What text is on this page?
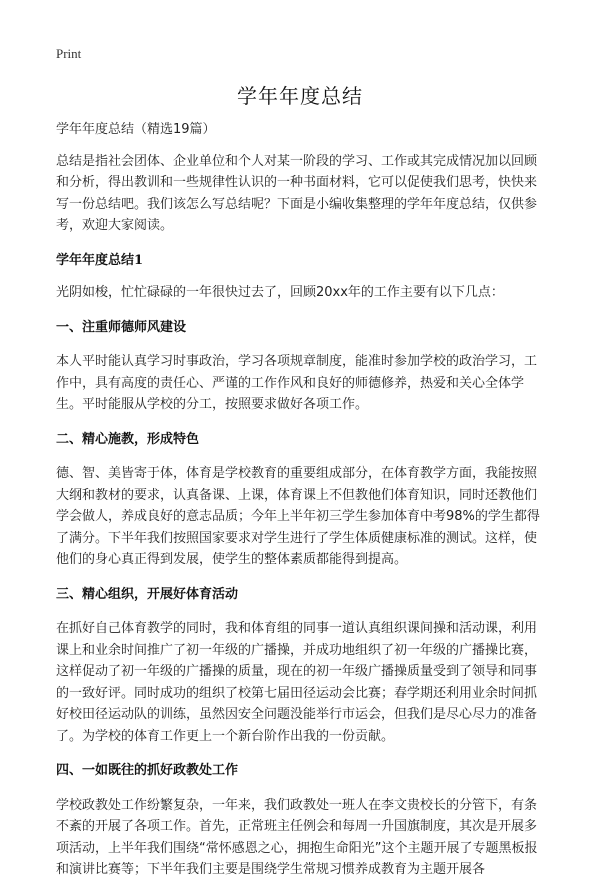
Print
学年年度总结

学年年度总结（精选19篇）

总结是指社会团体、企业单位和个人对某一阶段的学习、工作或其完成情况加以回顾和分析，得出教训和一些规律性认识的一种书面材料，它可以促使我们思考，快快来写一份总结吧。我们该怎么写总结呢？下面是小编收集整理的学年年度总结，仅供参考，欢迎大家阅读。

学年年度总结1

光阴如梭，忙忙碌碌的一年很快过去了，回顾20xx年的工作主要有以下几点：

一、注重师德师风建设

本人平时能认真学习时事政治，学习各项规章制度，能准时参加学校的政治学习，工作中，具有高度的责任心、严谨的工作作风和良好的师德修养，热爱和关心全体学生。平时能服从学校的分工，按照要求做好各项工作。

二、精心施教，形成特色

德、智、美皆寄于体，体育是学校教育的重要组成部分，在体育教学方面，我能按照大纲和教材的要求，认真备课、上课，体育课上不但教他们体育知识，同时还教他们学会做人，养成良好的意志品质；今年上半年初三学生参加体育中考98%的学生都得了满分。下半年我们按照国家要求对学生进行了学生体质健康标准的测试。这样，使他们的身心真正得到发展，使学生的整体素质都能得到提高。

三、精心组织，开展好体育活动

在抓好自己体育教学的同时，我和体育组的同事一道认真组织课间操和活动课，利用课上和业余时间推广了初一年级的广播操，并成功地组织了初一年级的广播操比赛，这样促动了初一年级的广播操的质量，现在的初一年级广播操质量受到了领导和同事的一致好评。同时成功的组织了校第七届田径运动会比赛；春学期还利用业余时间抓好校田径运动队的训练，虽然因安全问题没能举行市运会，但我们是尽心尽力的准备了。为学校的体育工作更上一个新台阶作出我的一份贡献。

四、一如既往的抓好政教处工作

学校政教处工作纷繁复杂，一年来，我们政教处一班人在李文贵校长的分管下，有条不紊的开展了各项工作。首先，正常班主任例会和每周一升国旗制度，其次是开展多项活动，上半年我们围绕“常怀感恩之心，拥抱生命阳光”这个主题开展了专题黑板报和演讲比赛等；下半年我们主要是围绕学生常规习惯养成教育为主题开展各
